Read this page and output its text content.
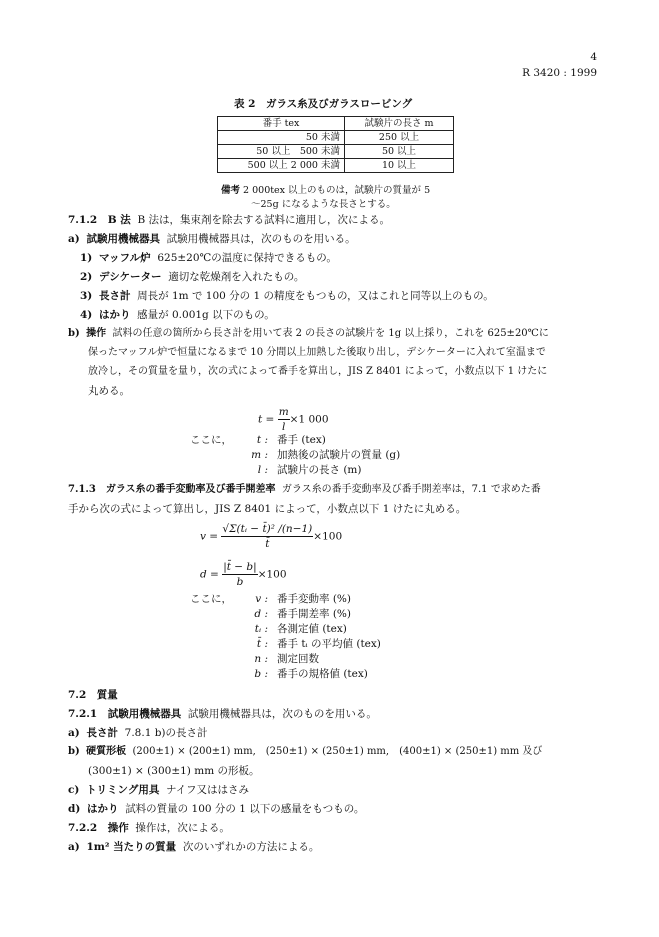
4
R 3420 : 1999
表 2　ガラス糸及びガラスロービング
番手 tex	試験片の長さ m
50 未満	250 以上
50 以上　500 未満	50 以上
500 以上 2 000 未満	10 以上
備考 2 000tex 以上のものは，試験片の質量が 5
～25g になるような長さとする。
7.1.2　B 法 B 法は，集束剤を除去する試料に適用し，次による。
a) 試験用機械器具 試験用機械器具は，次のものを用いる。
1) マッフル炉 625±20℃の温度に保持できるもの。
2) デシケーター 適切な乾燥剤を入れたもの。
3) 長さ計 周長が 1m で 100 分の 1 の精度をもつもの，又はこれと同等以上のもの。
4) はかり 感量が 0.001g 以下のもの。
b) 操作 試料の任意の箇所から長さ計を用いて表 2 の長さの試験片を 1g 以上採り，これを 625±20℃に
保ったマッフル炉で恒量になるまで 10 分間以上加熱した後取り出し，デシケーターに入れて室温まで
放冷し，その質量を量り，次の式によって番手を算出し，JIS Z 8401 によって，小数点以下 1 けたに
丸める。
$t = \frac{m}{l} \times 1$ 000
ここに，	t : 番手 (tex)
m : 加熱後の試験片の質量 (g)
l : 試験片の長さ (m)
7.1.3　ガラス糸の番手変動率及び番手開差率 ガラス糸の番手変動率及び番手開差率は，7.1 で求めた番
手から次の式によって算出し，JIS Z 8401 によって，小数点以下 1 けたに丸める。
$v = \frac{\text{√Σ(tᵢ − t̄)² /(n−1)}}{t̄} \times 100$
$d = \frac{|t̄ - b|}{b} \times 100$
ここに，	v : 番手変動率 (%)
d : 番手開差率 (%)
tᵢ : 各測定値 (tex)
t̄ : 番手 tᵢ の平均値 (tex)
n : 測定回数
b : 番手の規格値 (tex)
7.2　質量
7.2.1　試験用機械器具 試験用機械器具は，次のものを用いる。
a) 長さ計 7.8.1 b)の長さ計
b) 硬質形板 (200±1) × (200±1) mm,　(250±1) × (250±1) mm,　(400±1) × (250±1) mm 及び
(300±1) × (300±1) mm の形板。
c) トリミング用具 ナイフ又ははさみ
d) はかり 試料の質量の 100 分の 1 以下の感量をもつもの。
7.2.2　操作 操作は，次による。
a) 1m² 当たりの質量 次のいずれかの方法による。
